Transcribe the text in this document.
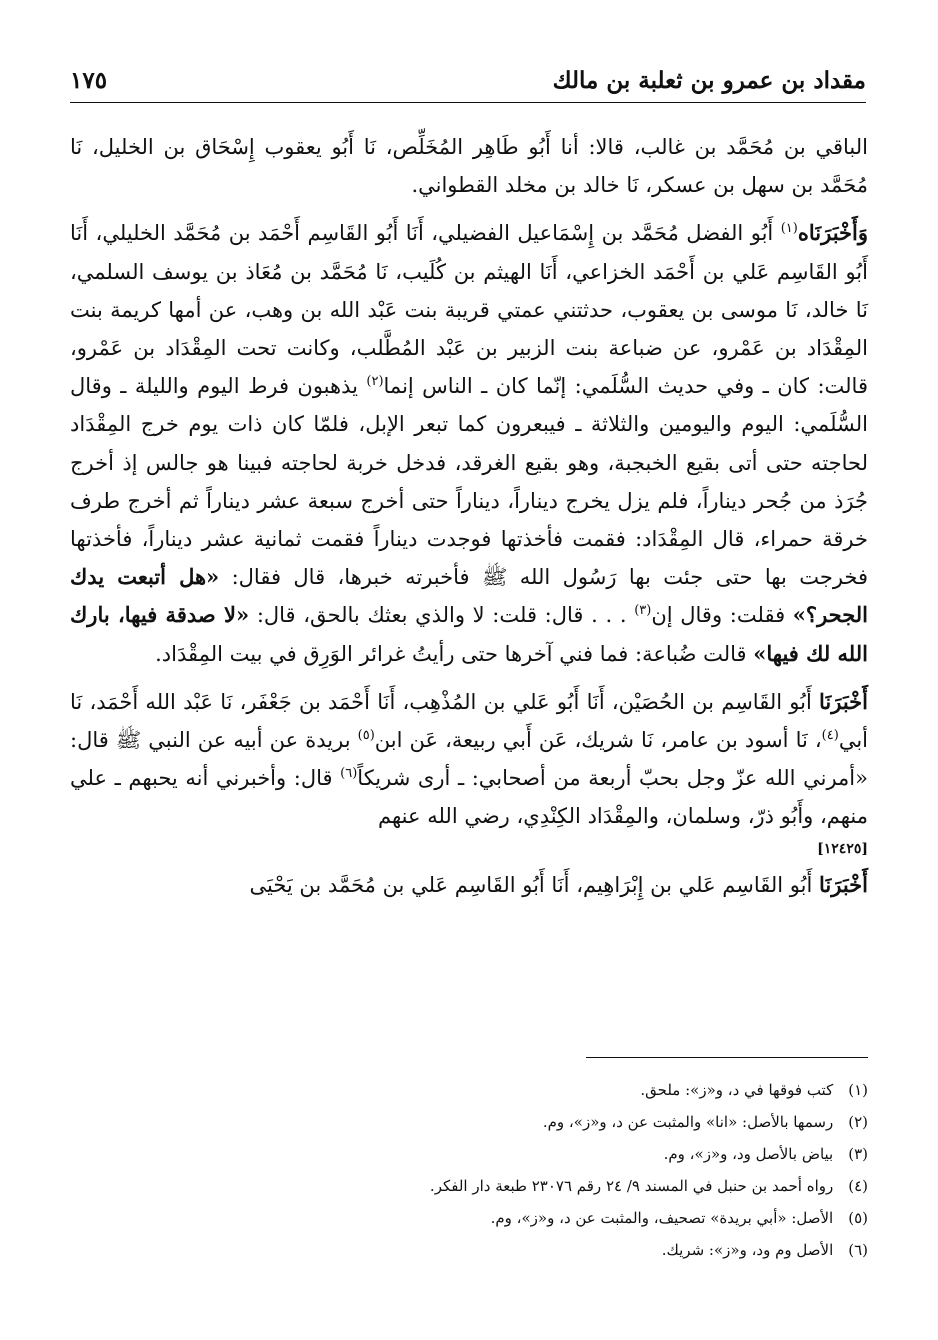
مقداد بن عمرو بن ثعلبة بن مالك
١٧٥

الباقي بن مُحَمَّد بن غالب، قالا: أنا أَبُو طَاهِر المُخَلِّص، نَا أَبُو يعقوب إِسْحَاق بن الخليل، نَا مُحَمَّد بن سهل بن عسكر، نَا خالد بن مخلد القطواني.

وَأَخْبَرَنَاه$^{(١)}$ أَبُو الفضل مُحَمَّد بن إِسْمَاعيل الفضيلي، أَنَا أَبُو القَاسِم أَحْمَد بن مُحَمَّد الخليلي، أَنَا أَبُو القَاسِم عَلي بن أَحْمَد الخزاعي، أَنَا الهيثم بن كُلَيب، نَا مُحَمَّد بن مُعَاذ بن يوسف السلمي، نَا خالد، نَا موسى بن يعقوب، حدثتني عمتي قريبة بنت عَبْد الله بن وهب، عن أمها كريمة بنت المِقْدَاد بن عَمْرو، عن ضباعة بنت الزبير بن عَبْد المُطَّلب، وكانت تحت المِقْدَاد بن عَمْرو، قالت: كان ـ وفي حديث السُّلَمي: إنّما كان ـ الناس إنما$^{(٢)}$ يذهبون فرط اليوم والليلة ـ وقال السُّلَمي: اليوم واليومين والثلاثة ـ فيبعرون كما تبعر الإبل، فلمّا كان ذات يوم خرج المِقْدَاد لحاجته حتى أتى بقيع الخبجبة، وهو بقيع الغرقد، فدخل خربة لحاجته فبينا هو جالس إذ أخرج جُرَذ من جُحر ديناراً، فلم يزل يخرج ديناراً، ديناراً حتى أخرج سبعة عشر ديناراً ثم أخرج طرف خرقة حمراء، قال المِقْدَاد: فقمت فأخذتها فوجدت ديناراً فقمت ثمانية عشر ديناراً، فأخذتها فخرجت بها حتى جئت بها رَسُول الله ﷺ فأخبرته خبرها، قال فقال: «هل أتبعت يدك الجحر؟» فقلت: وقال إن$^{(٣)}$ . . . قال: قلت: لا والذي بعثك بالحق، قال: «لا صدقة فيها، بارك الله لك فيها» قالت ضُباعة: فما فني آخرها حتى رأيتُ غرائر الوَرِق في بيت المِقْدَاد.

أَخْبَرَنَا أَبُو القَاسِم بن الحُصَيْن، أَنَا أَبُو عَلي بن المُذْهِب، أَنَا أَحْمَد بن جَعْفَر، نَا عَبْد الله أَحْمَد، نَا أبي$^{(٤)}$، نَا أسود بن عامر، نَا شريك، عَن أَبي ربيعة، عَن ابن$^{(٥)}$ بريدة عن أبيه عن النبي ﷺ قال: «أمرني الله عزّ وجل بحبّ أربعة من أصحابي: ـ أرى شريكاً$^{(٦)}$ قال: وأخبرني أنه يحبهم ـ علي منهم، وأَبُو ذرّ، وسلمان، والمِقْدَاد الكِنْدِي، رضي الله عنهم

[١٢٤٢٥]

أَخْبَرَنَا أَبُو القَاسِم عَلي بن إِبْرَاهِيم، أَنَا أَبُو القَاسِم عَلي بن مُحَمَّد بن يَحْيَى

(١) كتب فوقها في د، و«ز»: ملحق.
(٢) رسمها بالأصل: «انا» والمثبت عن د، و«ز»، وم.
(٣) بياض بالأصل ود، و«ز»، وم.
(٤) رواه أحمد بن حنبل في المسند ٩/ ٢٤ رقم ٢٣٠٧٦ طبعة دار الفكر.
(٥) الأصل: «أبي بريدة» تصحيف، والمثبت عن د، و«ز»، وم.
(٦) الأصل وم ود، و«ز»: شريك.
